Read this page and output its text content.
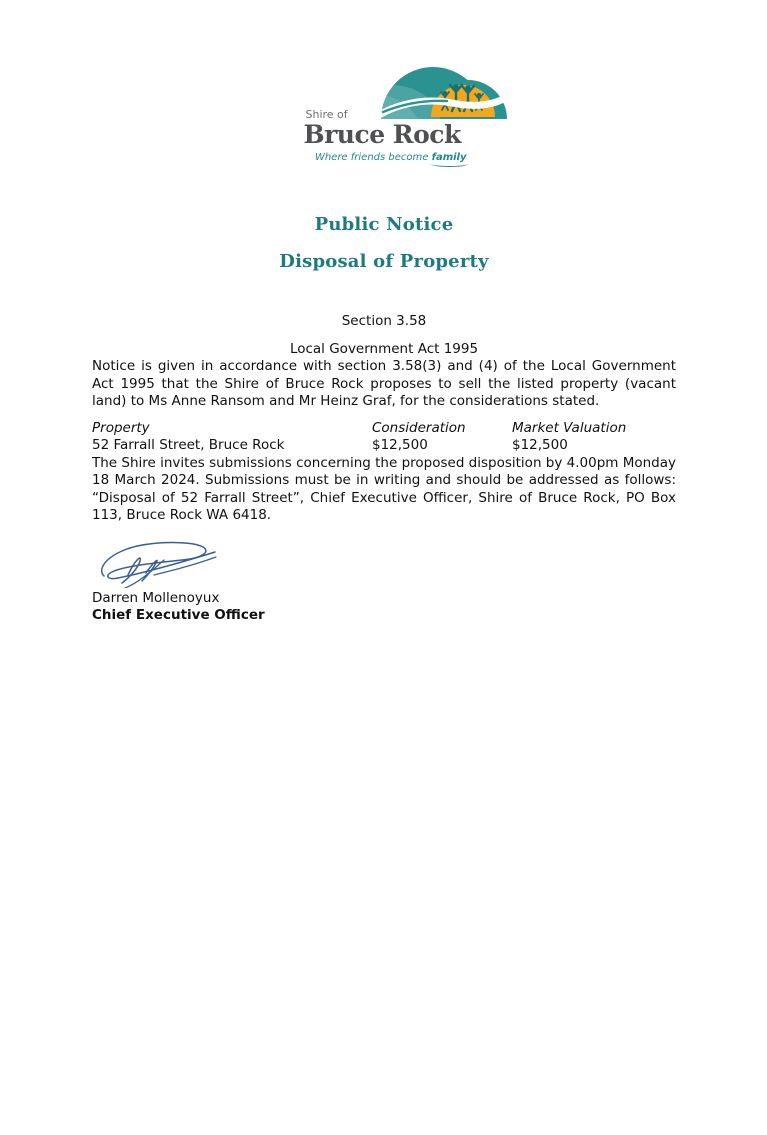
Shire of
Bruce Rock
Where friends become family
Public Notice
Disposal of Property

Section 3.58

Local Government Act 1995

Notice is given in accordance with section 3.58(3) and (4) of the Local Government Act 1995 that the Shire of Bruce Rock proposes to sell the listed property (vacant land) to Ms Anne Ransom and Mr Heinz Graf, for the considerations stated.

Property	Consideration	Market Valuation
52 Farrall Street, Bruce Rock	$12,500	$12,500

The Shire invites submissions concerning the proposed disposition by 4.00pm Monday 18 March 2024. Submissions must be in writing and should be addressed as follows: “Disposal of 52 Farrall Street”, Chief Executive Officer, Shire of Bruce Rock, PO Box 113, Bruce Rock WA 6418.

Darren Mollenoyux
Chief Executive Officer
